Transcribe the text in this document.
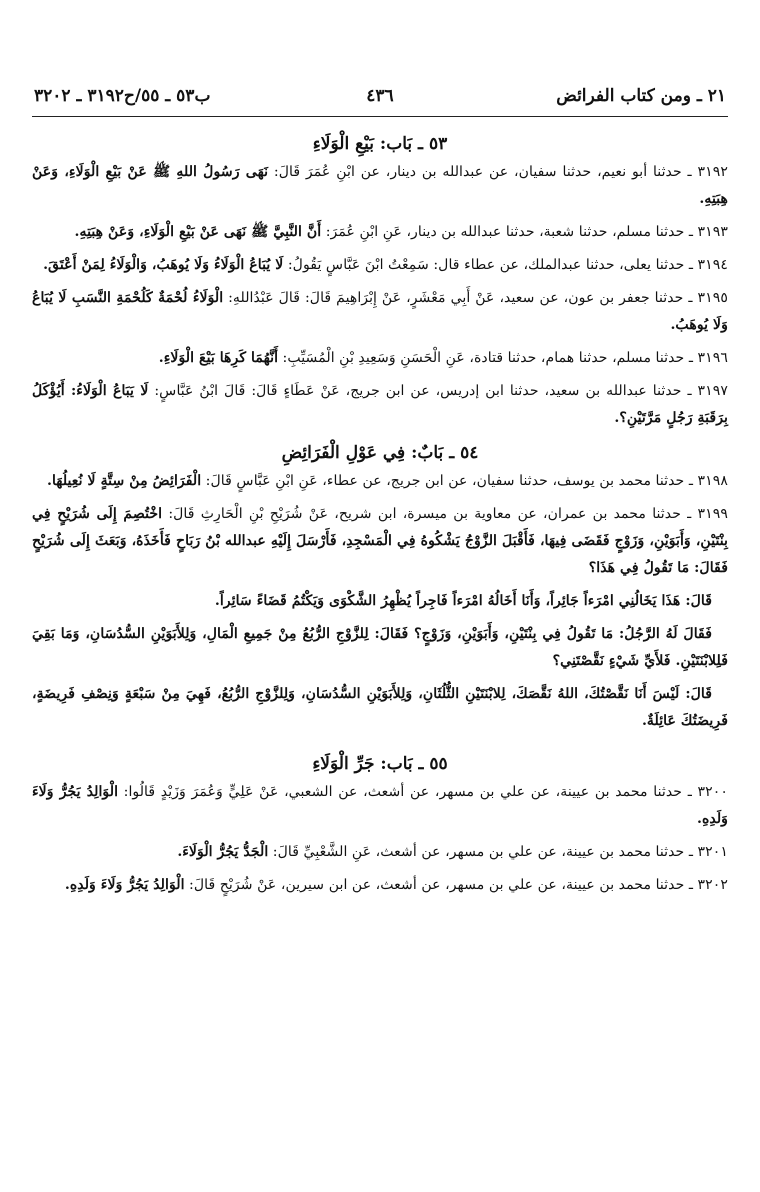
٢١ ـ ومن كتاب الفرائض
٤٣٦
ب٥٣ ـ ٥٥/ح٣١٩٢ ـ ٣٢٠٢
٥٣ ـ بَاب: بَيْعِ الْوَلَاءِ

٣١٩٢ ـ حدثنا أبو نعيم، حدثنا سفيان، عن عبدالله بن دينار، عن ابْنِ عُمَرَ قَالَ: نَهَى رَسُولُ اللهِ ﷺ عَنْ بَيْعِ الْوَلَاءِ، وَعَنْ هِبَتِهِ.

٣١٩٣ ـ حدثنا مسلم، حدثنا شعبة، حدثنا عبدالله بن دينار، عَنِ ابْنِ عُمَرَ: أَنَّ النَّبِيَّ ﷺ نَهَى عَنْ بَيْعِ الْوَلَاءِ، وَعَنْ هِبَتِهِ.

٣١٩٤ ـ حدثنا يعلى، حدثنا عبدالملك، عن عطاء قال: سَمِعْتُ ابْنَ عَبَّاسٍ يَقُولُ: لَا يُبَاعُ الْوَلَاءُ وَلَا يُوهَبُ، وَالْوَلَاءُ لِمَنْ أَعْتَقَ.

٣١٩٥ ـ حدثنا جعفر بن عون، عن سعيد، عَنْ أَبِي مَعْشَرٍ، عَنْ إِبْرَاهِيمَ قَالَ: قَالَ عَبْدُاللهِ: الْوَلَاءُ لُحْمَةٌ كَلُحْمَةِ النَّسَبِ لَا يُبَاعُ وَلَا يُوهَبُ.

٣١٩٦ ـ حدثنا مسلم، حدثنا همام، حدثنا قتادة، عَنِ الْحَسَنِ وَسَعِيدِ بْنِ الْمُسَيِّبِ: أَنَّهُمَا كَرِهَا بَيْعَ الْوَلَاءِ.

٣١٩٧ ـ حدثنا عبدالله بن سعيد، حدثنا ابن إدريس، عن ابن جريج، عَنْ عَطَاءٍ قَالَ: قَالَ ابْنُ عَبَّاسٍ: لَا يَبَاعُ الْوَلَاءُ: أَيُؤْكَلُ بِرَقَبَةِ رَجُلٍ مَرَّتَيْنِ؟.

٥٤ ـ بَابٌ: فِي عَوْلِ الْفَرَائِضِ

٣١٩٨ ـ حدثنا محمد بن يوسف، حدثنا سفيان، عن ابن جريج، عن عطاء، عَنِ ابْنِ عَبَّاسٍ قَالَ: الْفَرَائِضُ مِنْ سِتَّةٍ لَا نُعِيلُهَا.

٣١٩٩ ـ حدثنا محمد بن عمران، عن معاوية بن ميسرة، ابن شريح، عَنْ شُرَيْحِ بْنِ الْحَارِثِ قَالَ: اخْتُصِمَ إِلَى شُرَيْحٍ فِي بِنْتَيْنِ، وَأَبَوَيْنِ، وَزَوْجٍ فَقَضَى فِيهَا، فَأَقْبَلَ الزَّوْجُ يَشْكُوهُ فِي الْمَسْجِدِ، فَأَرْسَلَ إِلَيْهِ عبدالله بْنُ رَبَاحٍ فَأَخَذَهُ، وَبَعَثَ إِلَى شُرَيْحٍ فَقَالَ: مَا تَقُولُ فِي هَذَا؟

قَالَ: هَذَا يَخَالُنِي امْرَءاً جَائِراً، وَأَنَا أَخَالُهُ امْرَءاً فَاجِراً يُظْهِرُ الشَّكْوَى وَيَكْتُمُ قَضَاءً سَائِراً.

فَقَالَ لَهُ الرَّجُلُ: مَا تَقُولُ فِي بِنْتَيْنِ، وَأَبَوَيْنِ، وَزَوْجٍ؟ فَقَالَ: لِلزَّوْجِ الرُّبُعُ مِنْ جَمِيعِ الْمَالِ، وَلِلأَبَوَيْنِ السُّدُسَانِ، وَمَا بَقِيَ فَلِلابْنَتَيْنِ. فَلأَيِّ شَيْءٍ نَقَّصْتَنِي؟

قَالَ: لَيْسَ أَنَا نَقَّصْتُكَ، اللهُ نَقَّصَكَ، لِلابْنَتَيْنِ الثُّلُثَانِ، وَلِلأَبَوَيْنِ السُّدُسَانِ، وَلِلزَّوْجِ الرُّبُعُ، فَهِيَ مِنْ سَبْعَةٍ وَنِصْفِ فَرِيضَةٍ، فَرِيضَتُكَ عَائِلَةٌ.

٥٥ ـ بَاب: جَرِّ الْوَلَاءِ

٣٢٠٠ ـ حدثنا محمد بن عيينة، عن علي بن مسهر، عن أشعث، عن الشعبي، عَنْ عَلِيٍّ وَعُمَرَ وَزَيْدٍ قَالُوا: الْوَالِدُ يَجُرُّ وَلَاءَ وَلَدِهِ.

٣٢٠١ ـ حدثنا محمد بن عيينة، عن علي بن مسهر، عن أشعث، عَنِ الشَّعْبِيِّ قَالَ: الْجَدُّ يَجُرُّ الْوَلَاءَ.

٣٢٠٢ ـ حدثنا محمد بن عيينة، عن علي بن مسهر، عن أشعث، عن ابن سيرين، عَنْ شُرَيْحٍ قَالَ: الْوَالِدُ يَجُرُّ وَلَاءَ وَلَدِهِ.
